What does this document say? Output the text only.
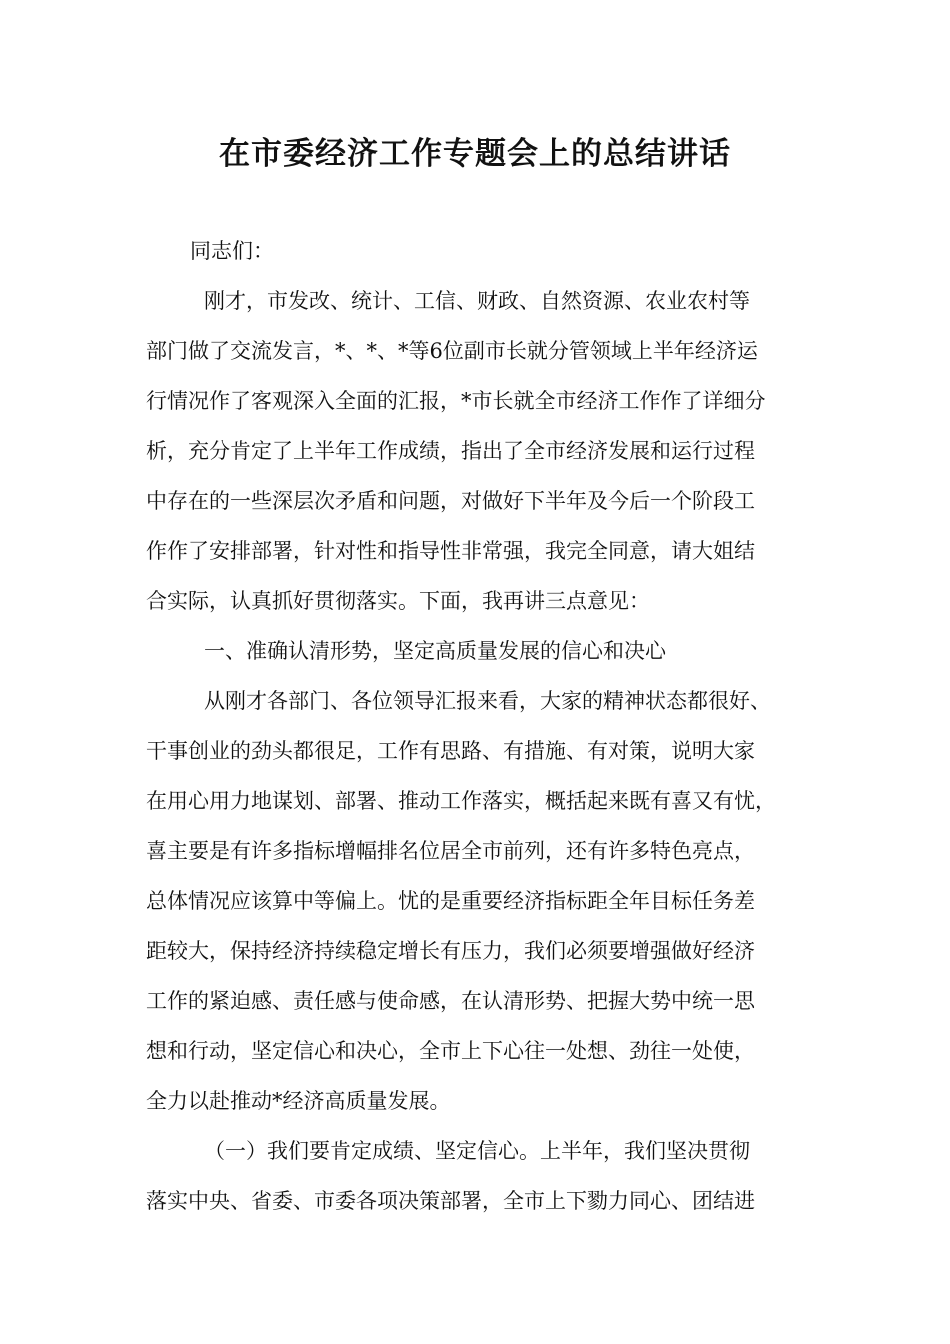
在市委经济工作专题会上的总结讲话

同志们：

刚才，市发改、统计、工信、财政、自然资源、农业农村等

部门做了交流发言，*、*、*等6位副市长就分管领域上半年经济运

行情况作了客观深入全面的汇报，*市长就全市经济工作作了详细分

析，充分肯定了上半年工作成绩，指出了全市经济发展和运行过程

中存在的一些深层次矛盾和问题，对做好下半年及今后一个阶段工

作作了安排部署，针对性和指导性非常强，我完全同意，请大姐结

合实际，认真抓好贯彻落实。下面，我再讲三点意见：

一、准确认清形势，坚定高质量发展的信心和决心

从刚才各部门、各位领导汇报来看，大家的精神状态都很好、

干事创业的劲头都很足，工作有思路、有措施、有对策，说明大家

在用心用力地谋划、部署、推动工作落实，概括起来既有喜又有忧，

喜主要是有许多指标增幅排名位居全市前列，还有许多特色亮点，

总体情况应该算中等偏上。忧的是重要经济指标距全年目标任务差

距较大，保持经济持续稳定增长有压力，我们必须要增强做好经济

工作的紧迫感、责任感与使命感，在认清形势、把握大势中统一思

想和行动，坚定信心和决心，全市上下心往一处想、劲往一处使，

全力以赴推动*经济高质量发展。

（一）我们要肯定成绩、坚定信心。上半年，我们坚决贯彻

落实中央、省委、市委各项决策部署，全市上下勠力同心、团结进
